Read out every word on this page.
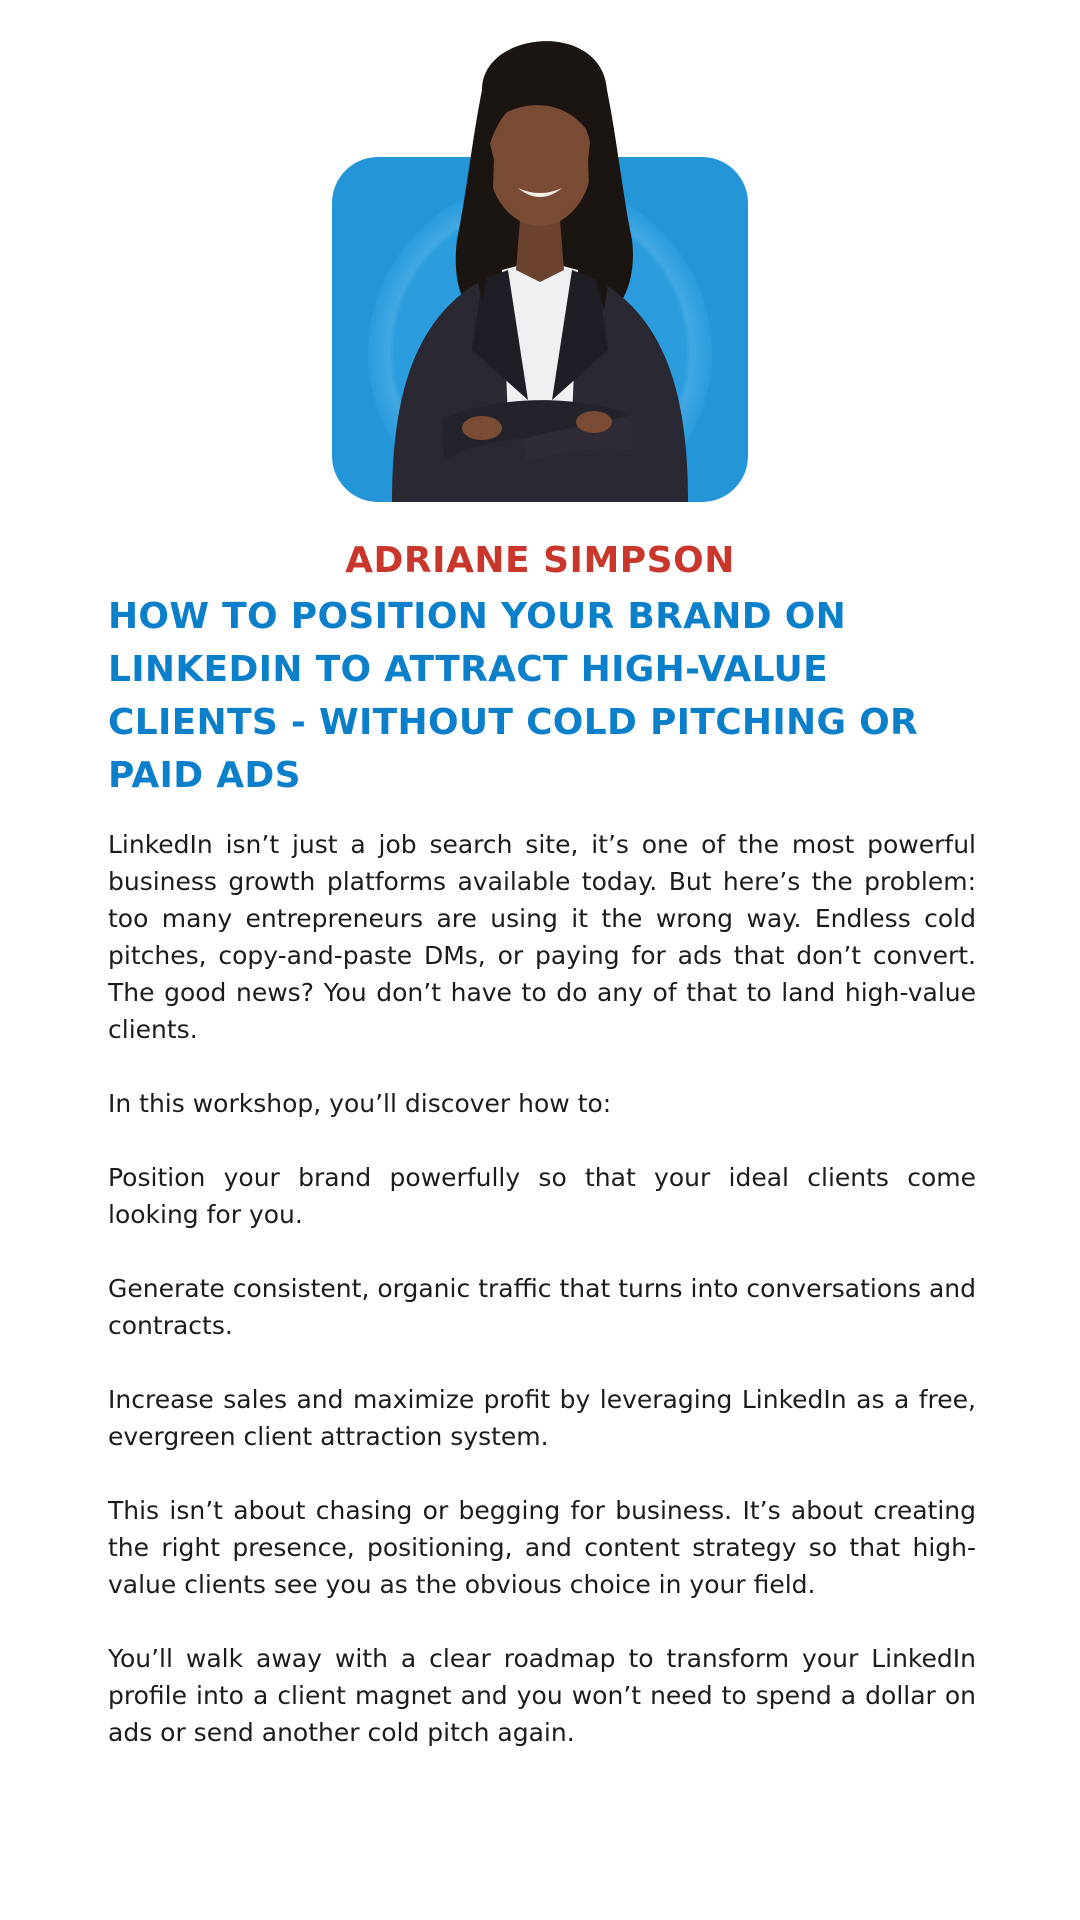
ADRIANE SIMPSON
HOW TO POSITION YOUR BRAND ON LINKEDIN TO ATTRACT HIGH-VALUE CLIENTS - WITHOUT COLD PITCHING OR PAID ADS

LinkedIn isn’t just a job search site, it’s one of the most powerful business growth platforms available today. But here’s the problem: too many entrepreneurs are using it the wrong way. Endless cold pitches, copy-and-paste DMs, or paying for ads that don’t convert. The good news? You don’t have to do any of that to land high-value clients.

In this workshop, you’ll discover how to:

Position your brand powerfully so that your ideal clients come looking for you.

Generate consistent, organic traffic that turns into conversations and contracts.

Increase sales and maximize profit by leveraging LinkedIn as a free, evergreen client attraction system.

This isn’t about chasing or begging for business. It’s about creating the right presence, positioning, and content strategy so that high-value clients see you as the obvious choice in your field.

You’ll walk away with a clear roadmap to transform your LinkedIn profile into a client magnet and you won’t need to spend a dollar on ads or send another cold pitch again.
